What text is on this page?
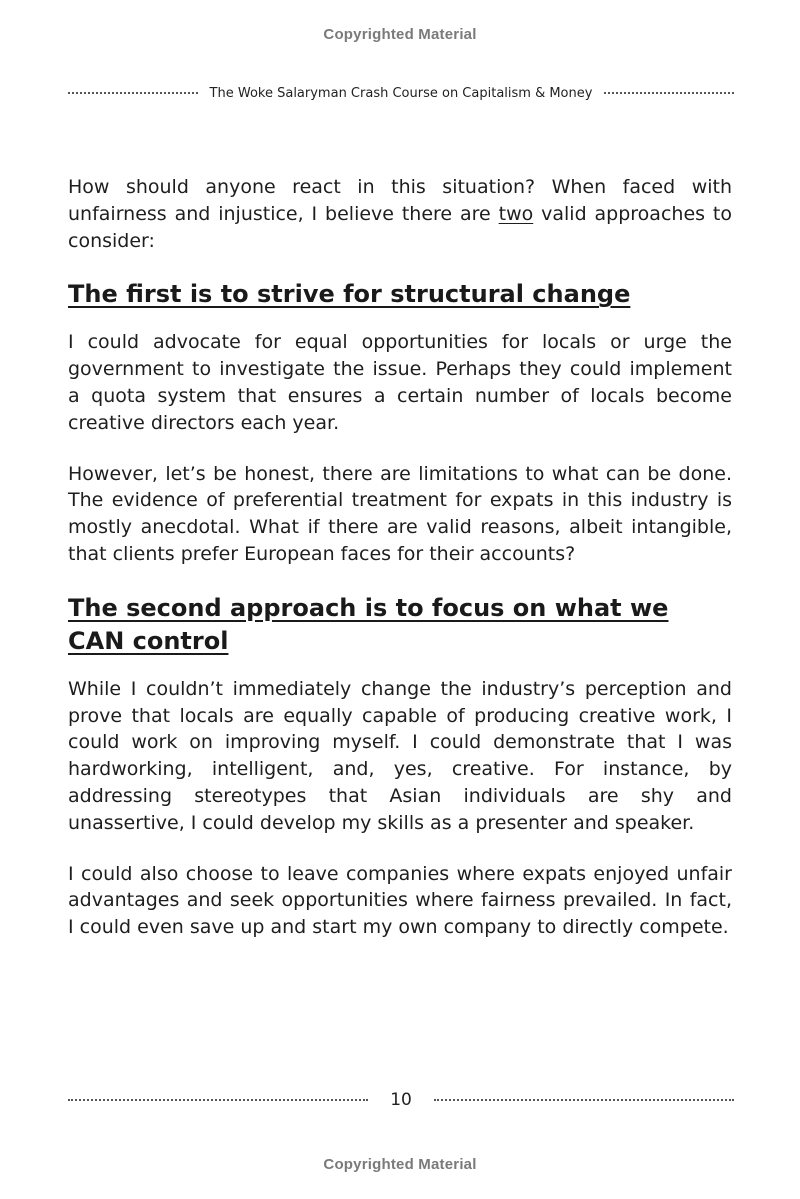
Copyrighted Material
The Woke Salaryman Crash Course on Capitalism & Money

How should anyone react in this situation? When faced with unfairness and injustice, I believe there are two valid approaches to consider:

The first is to strive for structural change

I could advocate for equal opportunities for locals or urge the government to investigate the issue. Perhaps they could implement a quota system that ensures a certain number of locals become creative directors each year.

However, let’s be honest, there are limitations to what can be done. The evidence of preferential treatment for expats in this industry is mostly anecdotal. What if there are valid reasons, albeit intangible, that clients prefer European faces for their accounts?

The second approach is to focus on what we CAN control

While I couldn’t immediately change the industry’s perception and prove that locals are equally capable of producing creative work, I could work on improving myself. I could demonstrate that I was hardworking, intelligent, and, yes, creative. For instance, by addressing stereotypes that Asian individuals are shy and unassertive, I could develop my skills as a presenter and speaker.

I could also choose to leave companies where expats enjoyed unfair advantages and seek opportunities where fairness prevailed. In fact, I could even save up and start my own company to directly compete.

10
Copyrighted Material
